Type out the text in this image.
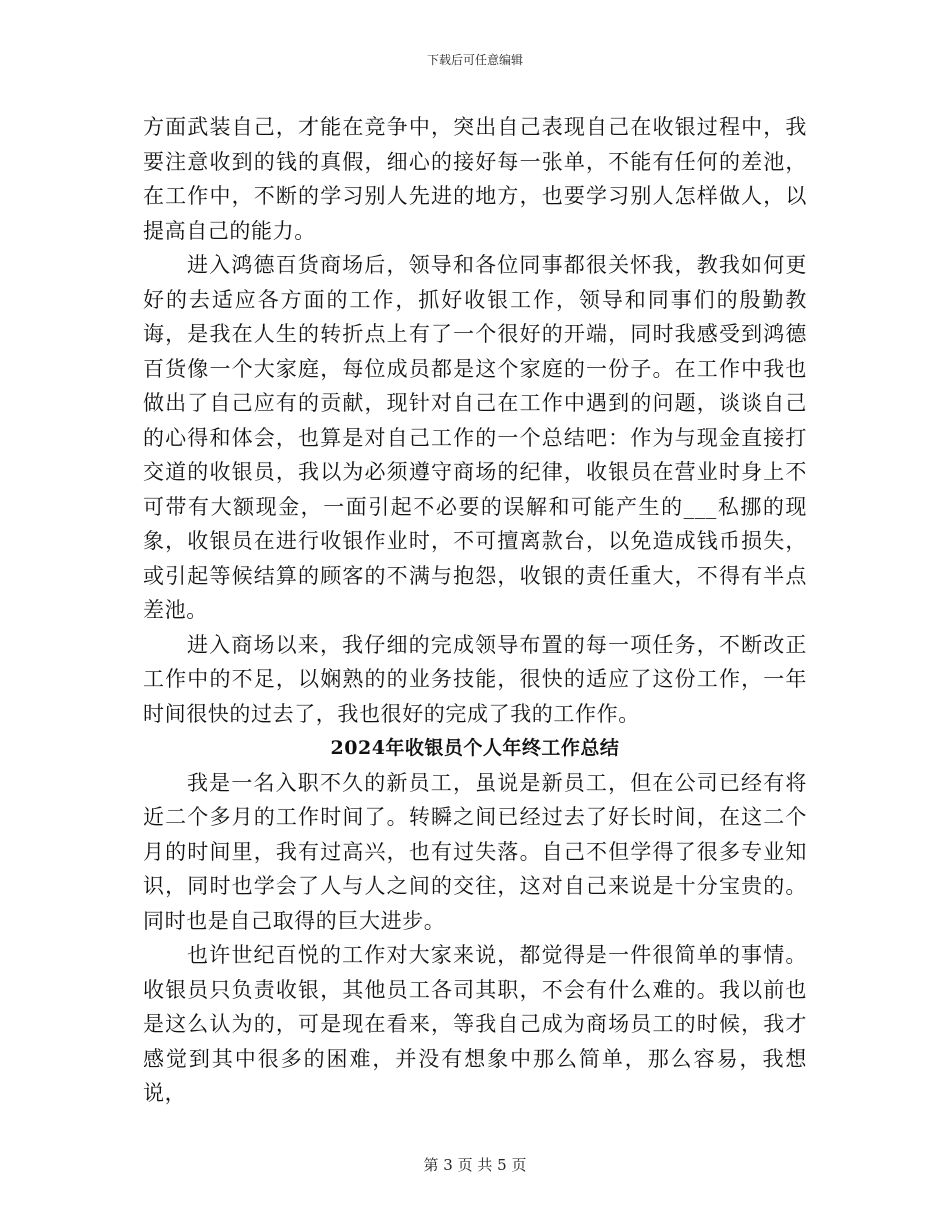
下载后可任意编辑

方面武装自己，才能在竞争中，突出自己表现自己在收银过程中，我要注意收到的钱的真假，细心的接好每一张单，不能有任何的差池，在工作中，不断的学习别人先进的地方，也要学习别人怎样做人，以提高自己的能力。

进入鸿德百货商场后，领导和各位同事都很关怀我，教我如何更好的去适应各方面的工作，抓好收银工作，领导和同事们的殷勤教诲，是我在人生的转折点上有了一个很好的开端，同时我感受到鸿德百货像一个大家庭，每位成员都是这个家庭的一份子。在工作中我也做出了自己应有的贡献，现针对自己在工作中遇到的问题，谈谈自己的心得和体会，也算是对自己工作的一个总结吧：作为与现金直接打交道的收银员，我以为必须遵守商场的纪律，收银员在营业时身上不可带有大额现金，一面引起不必要的误解和可能产生的___私挪的现象，收银员在进行收银作业时，不可擅离款台，以免造成钱币损失，或引起等候结算的顾客的不满与抱怨，收银的责任重大，不得有半点差池。

进入商场以来，我仔细的完成领导布置的每一项任务，不断改正工作中的不足，以娴熟的的业务技能，很快的适应了这份工作，一年时间很快的过去了，我也很好的完成了我的工作作。

2024年收银员个人年终工作总结

我是一名入职不久的新员工，虽说是新员工，但在公司已经有将近二个多月的工作时间了。转瞬之间已经过去了好长时间，在这二个月的时间里，我有过高兴，也有过失落。自己不但学得了很多专业知识，同时也学会了人与人之间的交往，这对自己来说是十分宝贵的。同时也是自己取得的巨大进步。

也许世纪百悦的工作对大家来说，都觉得是一件很简单的事情。收银员只负责收银，其他员工各司其职，不会有什么难的。我以前也是这么认为的，可是现在看来，等我自己成为商场员工的时候，我才感觉到其中很多的困难，并没有想象中那么简单，那么容易，我想说，

第 3 页 共 5 页
